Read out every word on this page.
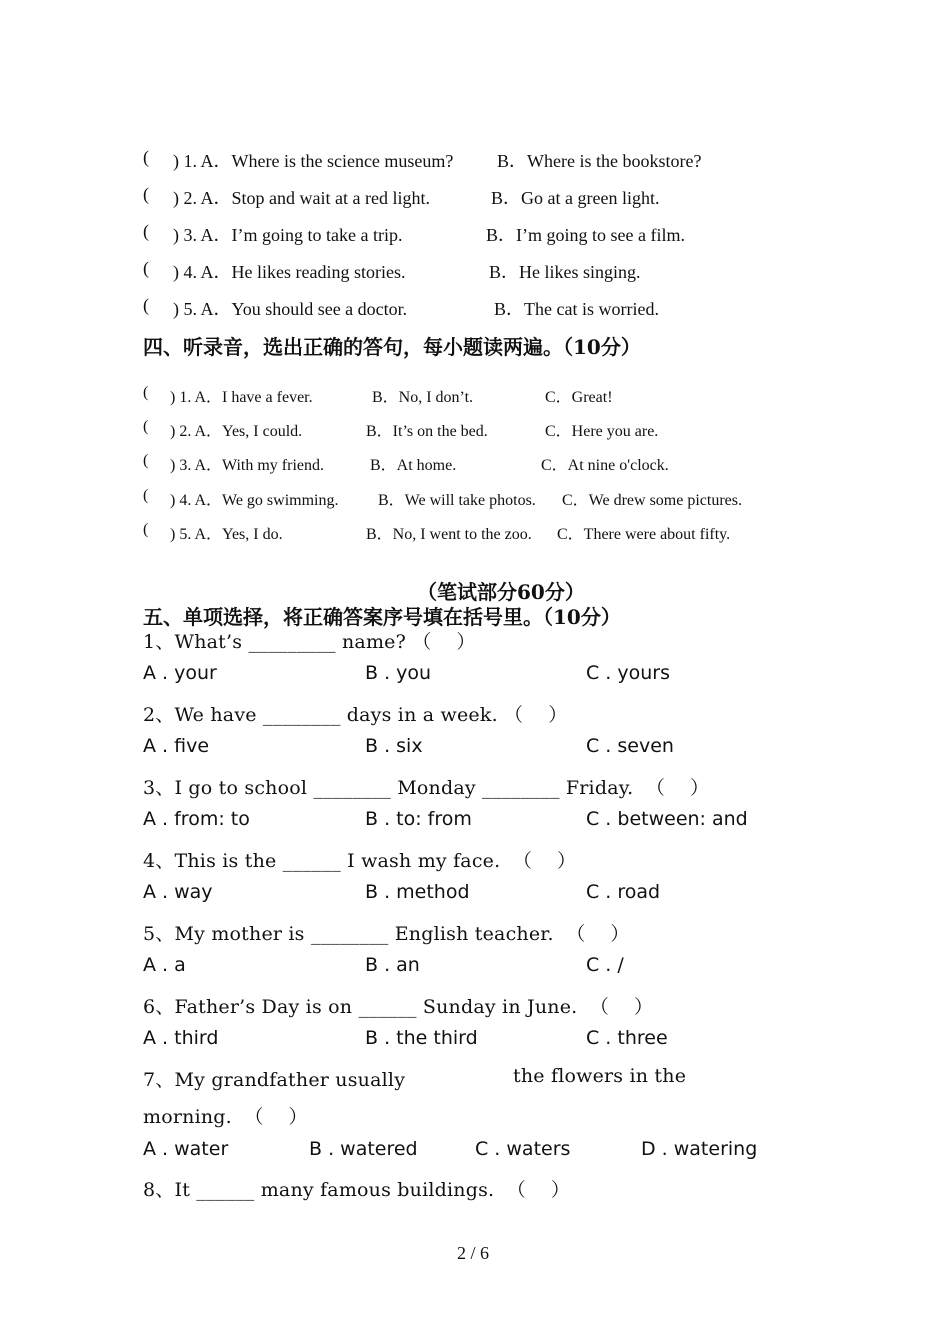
( ) 1. A．Where is the science museum? B．Where is the bookstore?
( ) 2. A．Stop and wait at a red light.	B．Go at a green light.
( ) 3. A．I’m going to take a trip.	B．I’m going to see a film.
( ) 4. A．He likes reading stories.	B．He likes singing.
( ) 5. A．You should see a doctor.	B．The cat is worried.
四、听录音，选出正确的答句，每小题读两遍。（10分）
( ) 1. A．I have a fever.	B．No, I don’t.	C．Great!
( ) 2. A．Yes, I could.	B．It’s on the bed.	C．Here you are.
( ) 3. A．With my friend.	B．At home.	C．At nine o'clock.
( ) 4. A．We go swimming. B．We will take photos. C．We drew some pictures.
( ) 5. A．Yes, I do.	B．No, I went to the zoo. C．There were about fifty.
（笔试部分60分）
五、单项选择，将正确答案序号填在括号里。（10分）
1、What’s _________ name? （    ）
A . your	B . you	C . yours
2、We have ________ days in a week. （    ）
A . five	B . six	C . seven
3、I go to school ________ Monday ________ Friday.  （    ）
A . from: to	B . to: from	C . between: and
4、This is the ______ I wash my face.  （    ）
A . way	B . method	C . road
5、My mother is ________ English teacher.  （    ）
A . a	B . an	C . /
6、Father’s Day is on ______ Sunday in June.  （    ）
A . third	B . the third	C . three
7、My grandfather usually	the flowers in the
morning.  （    ）
A . water	B . watered	C . waters	D . watering
8、It ______ many famous buildings.  （    ）
2 / 6
